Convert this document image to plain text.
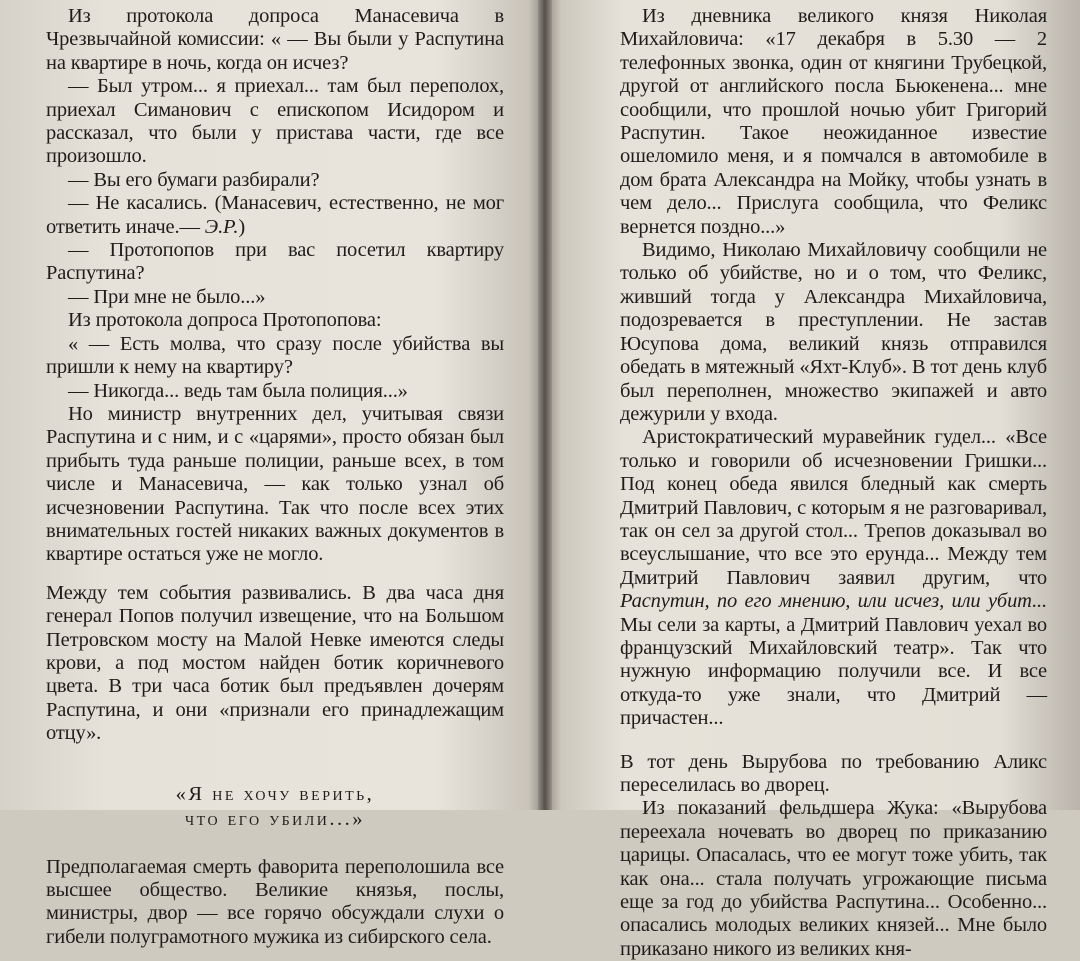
Из протокола допроса Манасевича в Чрезвычайной комиссии: « — Вы были у Распутина на квартире в ночь, когда он исчез?

— Был утром... я приехал... там был переполох, приехал Симанович с епископом Исидором и рассказал, что были у пристава части, где все произошло.

— Вы его бумаги разбирали?

— Не касались. (Манасевич, естественно, не мог ответить иначе.— Э.Р.)

— Протопопов при вас посетил квартиру Распутина?

— При мне не было...»

Из протокола допроса Протопопова:

« — Есть молва, что сразу после убийства вы пришли к нему на квартиру?

— Никогда... ведь там была полиция...»

Но министр внутренних дел, учитывая связи Распутина и с ним, и с «царями», просто обязан был прибыть туда раньше полиции, раньше всех, в том числе и Манасевича, — как только узнал об исчезновении Распутина. Так что после всех этих внимательных гостей никаких важных документов в квартире остаться уже не могло.

Между тем события развивались. В два часа дня генерал Попов получил извещение, что на Большом Петровском мосту на Малой Невке имеются следы крови, а под мостом найден ботик коричневого цвета. В три часа ботик был предъявлен дочерям Распутина, и они «признали его принадлежащим отцу».

«Я не хочу верить,
что его убили...»

Предполагаемая смерть фаворита переполошила все высшее общество. Великие князья, послы, министры, двор — все горячо обсуждали слухи о гибели полуграмотного мужика из сибирского села.

Из дневника великого князя Николая Михайловича: «17 декабря в 5.30 — 2 телефонных звонка, один от княгини Трубецкой, другой от английского посла Бьюкенена... мне сообщили, что прошлой ночью убит Григорий Распутин. Такое неожиданное известие ошеломило меня, и я помчался в автомобиле в дом брата Александра на Мойку, чтобы узнать в чем дело... Прислуга сообщила, что Феликс вернется поздно...»

Видимо, Николаю Михайловичу сообщили не только об убийстве, но и о том, что Феликс, живший тогда у Александра Михайловича, подозревается в преступлении. Не застав Юсупова дома, великий князь отправился обедать в мятежный «Яхт-Клуб». В тот день клуб был переполнен, множество экипажей и авто дежурили у входа.

Аристократический муравейник гудел... «Все только и говорили об исчезновении Гришки... Под конец обеда явился бледный как смерть Дмитрий Павлович, с которым я не разговаривал, так он сел за другой стол... Трепов доказывал во всеуслышание, что все это ерунда... Между тем Дмитрий Павлович заявил другим, что Распутин, по его мнению, или исчез, или убит... Мы сели за карты, а Дмитрий Павлович уехал во французский Михайловский театр». Так что нужную информацию получили все. И все откуда-то уже знали, что Дмитрий — причастен...

В тот день Вырубова по требованию Аликс переселилась во дворец.

Из показаний фельдшера Жука: «Вырубова переехала ночевать во дворец по приказанию царицы. Опасалась, что ее могут тоже убить, так как она... стала получать угрожающие письма еще за год до убийства Распутина... Особенно... опасались молодых великих князей... Мне было приказано никого из великих кня-
